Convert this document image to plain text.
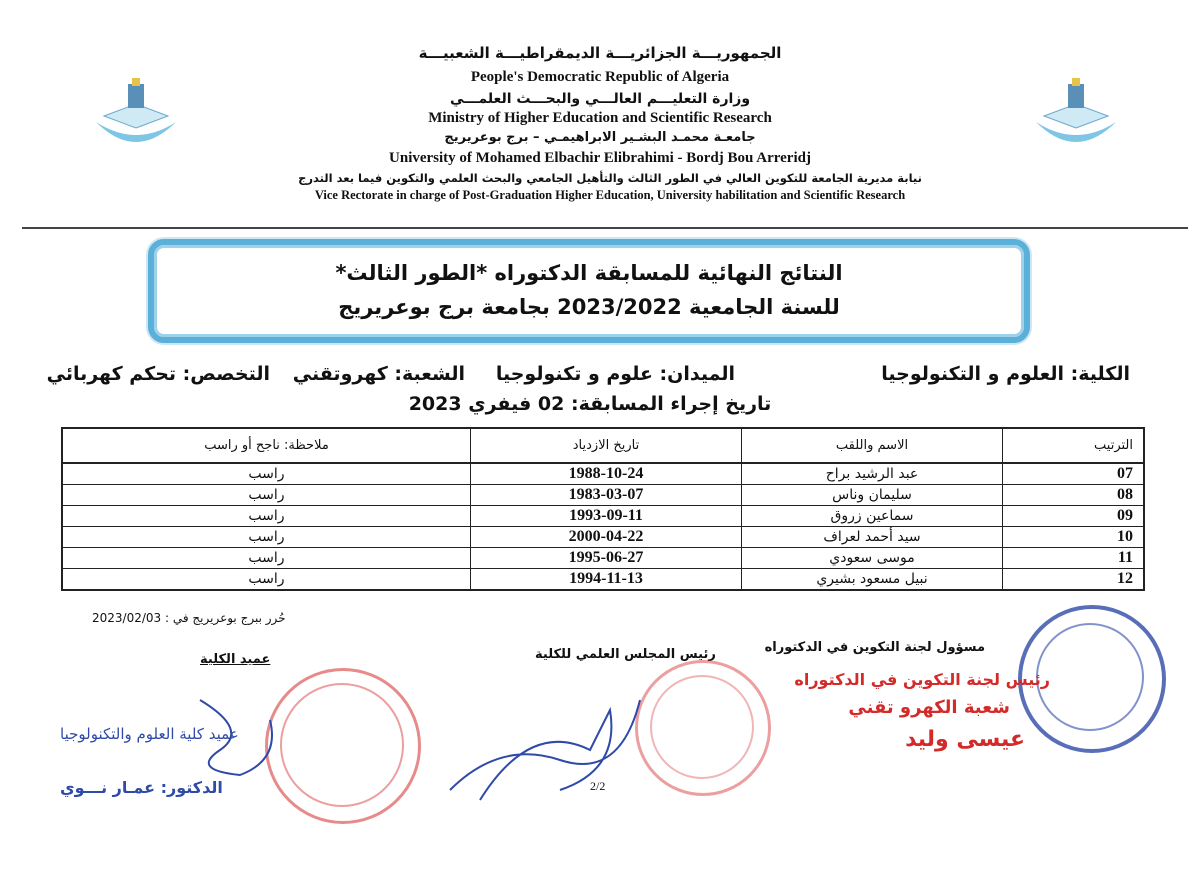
الجمهوريـــة الجزائريـــة الديمقراطيـــة الشعبيـــة
People's Democratic Republic of Algeria
وزارة التعليـــم العالـــي والبحـــث العلمـــي
Ministry of Higher Education and Scientific Research
جامعـة محمـد البشـير الابراهيمـي – برج بوعريريج
University of Mohamed Elbachir Elibrahimi - Bordj Bou Arreridj
نيابة مديرية الجامعة للتكوين العالي في الطور الثالث والتأهيل الجامعي والبحث العلمي والتكوين فيما بعد التدرج
Vice Rectorate in charge of Post-Graduation Higher Education, University habilitation and Scientific Research
النتائج النهائية للمسابقة الدكتوراه *الطور الثالث*
للسنة الجامعية 2023/2022 بجامعة برج بوعريريج
الكلية: العلوم و التكنولوجيا
الميدان: علوم و تكنولوجيا
الشعبة: كهروتقني
التخصص: تحكم كهربائي
تاريخ إجراء المسابقة: 02 فيفري 2023
الترتيب	الاسم واللقب	تاريخ الازدياد	ملاحظة: ناجح أو راسب
07	عبد الرشيد براح	1988-10-24	راسب
08	سليمان وناس	1983-03-07	راسب
09	سماعين زروق	1993-09-11	راسب
10	سيد أحمد لعراف	2000-04-22	راسب
11	موسى سعودي	1995-06-27	راسب
12	نبيل مسعود بشيري	1994-11-13	راسب
حُرر ببرج بوعريريج في : 2023/02/03
مسؤول لجنة التكوين في الدكتوراه
رئيس المجلس العلمي للكلية
عميد الكلية
عميد كلية العلوم والتكنولوجيا
الدكتور: عمـار نـــوي
رئيس لجنة التكوين في الدكتوراه
شعبة الكهرو تقني
عيسى وليد
2/2
